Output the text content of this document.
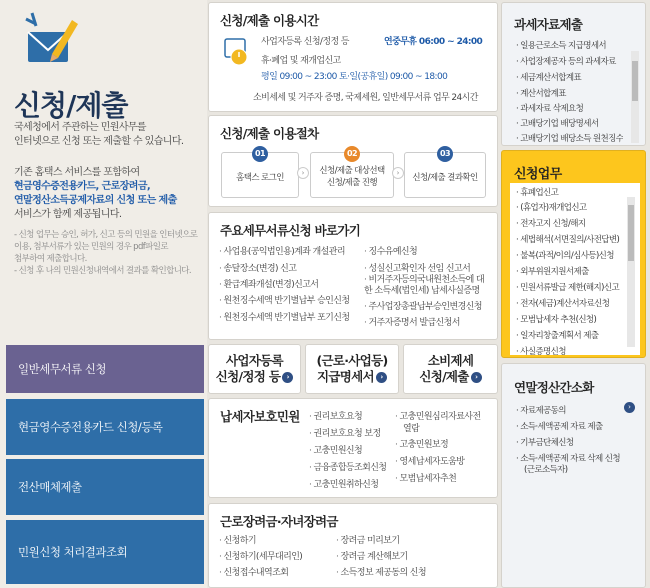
신청/제출
국세청에서 주관하는 민원사무를
인터넷으로 신청 또는 제출할 수 있습니다.
기존 홈택스 서비스를 포함하여
현금영수증전용카드, 근로장려금,
연말정산소득공제자료의 신청 또는 제출
서비스가 함께 제공됩니다.
- 신청 업무는 승인, 허가, 신고 등의 민원을 인터넷으로
이용, 첨부서류가 있는 민원의 경우 pdf파일로
첨부하여 제출합니다.
- 신청 후 나의 민원신청내역에서 결과를 확인합니다.
일반세무서류 신청
현금영수증전용카드 신청/등록
전산매체제출
민원신청 처리결과조회
신청/제출 이용시간
사업자등록 신청/정정 등	연중무휴 06:00 ~ 24:00
휴·폐업 및 재개업신고
평일 09:00 ~ 23:00 토·일(공휴일) 09:00 ~ 18:00
소비세세 및 거주자 증명, 국제세원, 일반세무서류 업무 24시간
신청/제출 이용절차
01
홈택스 로그인	›
02
신청/제출 대상선택 신청/제출 진행
›
03
신청/제출 결과확인
주요세무서류신청 바로가기
· 사업용(공익법인용)계좌 개설관리
· 송달장소(변경) 신고
· 환급계좌개설(변경)신고서
· 원천징수세액 반기별납부 승인신청
· 원천징수세액 반기별납부 포기신청
· 징수유예신청
· 성실신고확인자 선임 신고서
· 비거주자등의국내원천소득에 대한 소득세(법인세) 납세사실증명
· 주사업장총괄납부승인변경신청
· 거주자증명서 발급신청서
사업자등록
신청/정정 등 ›
(근로·사업등)
지급명세서 ›
소비제세
신청/제출 ›
납세자보호민원
·	권리보호요청
· 권리보호요청 보정
· 고충민원신청
· 금융종합등조회신청
· 고충민원취하신청
· 고충민원심리자료사전
열람
· 고충민원보정
· 영세납세자도움방
· 모범납세자추천
근로장려금·자녀장려금
· 신청하기
· 신청하기(세무대리인)
· 신청접수내역조회
· 장려금 미리보기
· 장려금 계산해보기
· 소득정보 제공동의 신청
과세자료제출
· 일용근로소득 지급명세서
· 사업장제공자 등의 과세자료
· 세금계산서합계표
· 계산서합계표
· 과세자료 삭제요청
· 고배당기업 배당명세서
· 고배당기업 배당소득 원천징수
신청업무
· 휴폐업신고
· (휴업자)재개업신고
· 전자고지 신청/해지
· 세법해석(서면질의/사전답변)
· 불복(과적/이의/심사등)신청
· 외부위원지원서제출
· 민원서류발급 제한(해지)신고
· 전자(세금)계산서자료신청
· 모범납세자 추천(신청)
· 일자리창출계획서 제출
· 사실증명신청
연말정산간소화
· 자료제공동의	›
· 소득·세액공제 자료 제출
· 기부금단체신청
· 소득·세액공제 자료 삭제 신청
(근로소득자)
